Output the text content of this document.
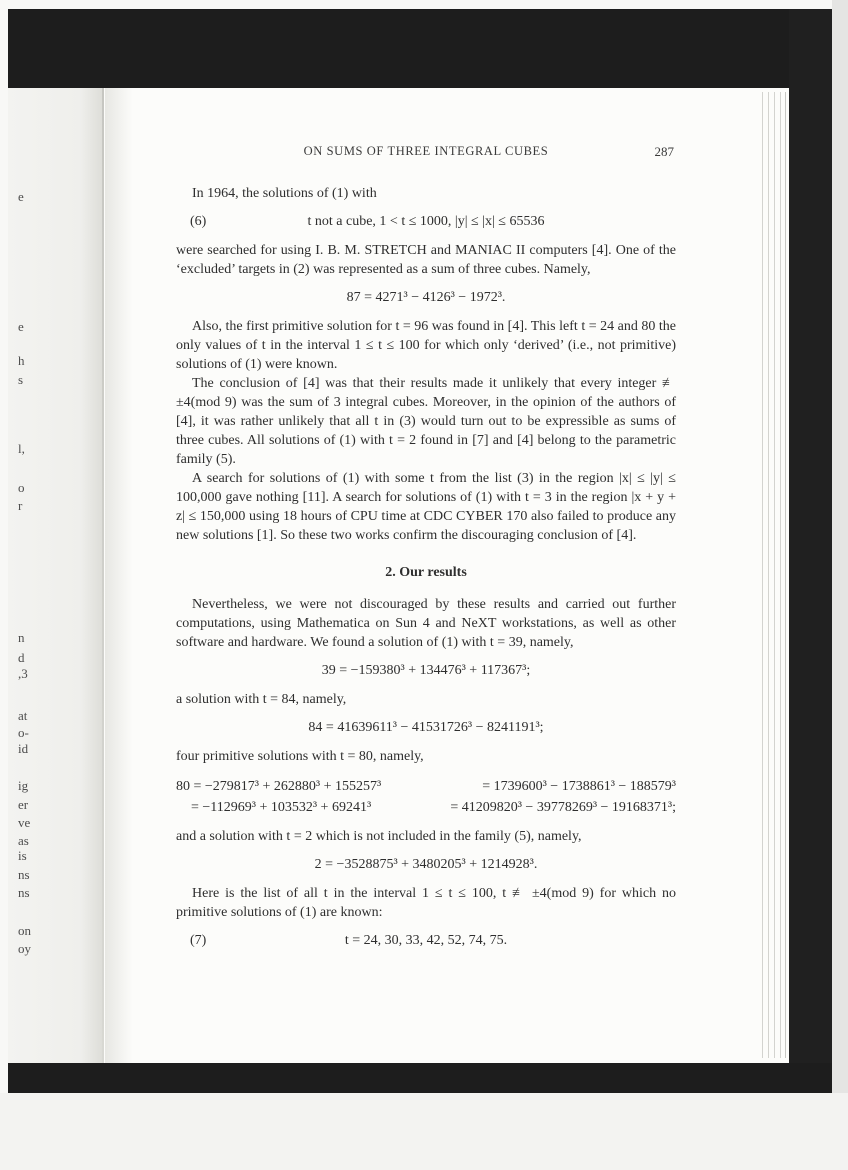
e
e
h
s
l,
o
r
n
d
,3
at
o-
id
ig
er
ve
as
is
ns
ns
on
oy
ON SUMS OF THREE INTEGRAL CUBES	287

In 1964, the solutions of (1) with

(6)	t not a cube, 1 < t ≤ 1000, |y| ≤ |x| ≤ 65536

were searched for using I. B. M. STRETCH and MANIAC II computers [4]. One of the ‘excluded’ targets in (2) was represented as a sum of three cubes. Namely,

87 = 4271³ − 4126³ − 1972³.

Also, the first primitive solution for t = 96 was found in [4]. This left t = 24 and 80 the only values of t in the interval 1 ≤ t ≤ 100 for which only ‘derived’ (i.e., not primitive) solutions of (1) were known.

The conclusion of [4] was that their results made it unlikely that every integer ≢ ±4(mod 9) was the sum of 3 integral cubes. Moreover, in the opinion of the authors of [4], it was rather unlikely that all t in (3) would turn out to be expressible as sums of three cubes. All solutions of (1) with t = 2 found in [7] and [4] belong to the parametric family (5).

A search for solutions of (1) with some t from the list (3) in the region |x| ≤ |y| ≤ 100,000 gave nothing [11]. A search for solutions of (1) with t = 3 in the region |x + y + z| ≤ 150,000 using 18 hours of CPU time at CDC CYBER 170 also failed to produce any new solutions [1]. So these two works confirm the discouraging conclusion of [4].

2. Our results

Nevertheless, we were not discouraged by these results and carried out further computations, using Mathematica on Sun 4 and NeXT workstations, as well as other software and hardware. We found a solution of (1) with t = 39, namely,

39 = −159380³ + 134476³ + 117367³;

a solution with t = 84, namely,

84 = 41639611³ − 41531726³ − 8241191³;

four primitive solutions with t = 80, namely,

80 = −279817³ + 262880³ + 155257³	= 1739600³ − 1738861³ − 188579³
= −112969³ + 103532³ + 69241³	= 41209820³ − 39778269³ − 19168371³;

and a solution with t = 2 which is not included in the family (5), namely,

2 = −3528875³ + 3480205³ + 1214928³.

Here is the list of all t in the interval 1 ≤ t ≤ 100, t ≢ ±4(mod 9) for which no primitive solutions of (1) are known:

(7)	t = 24, 30, 33, 42, 52, 74, 75.
